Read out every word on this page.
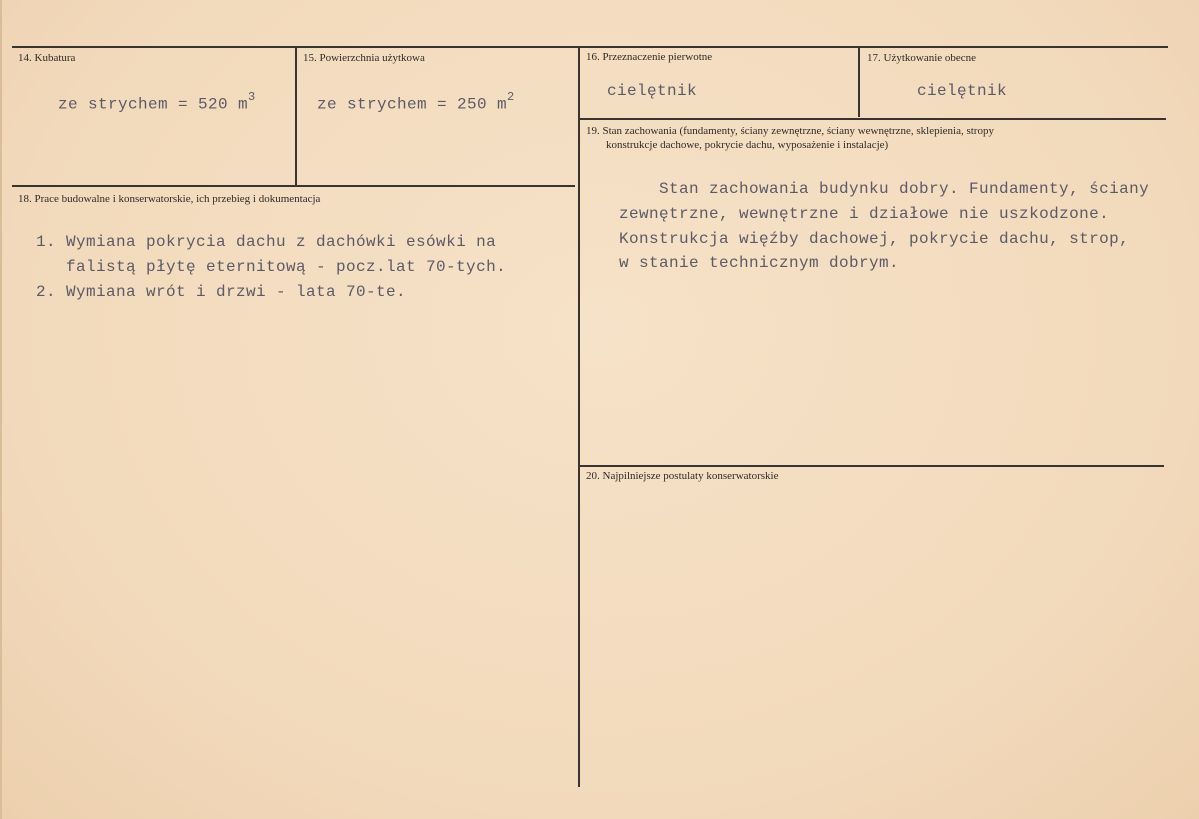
14. Kubatura
ze strychem = 520 $m^3$
15. Powierzchnia użytkowa
ze strychem = 250 $m^2$
16. Przeznaczenie pierwotne
cielętnik
17. Użytkowanie obecne
cielętnik
19. Stan zachowania (fundamenty, ściany zewnętrzne, ściany wewnętrzne, sklepienia, stropy
konstrukcje dachowe, pokrycie dachu, wyposażenie i instalacje)
Stan zachowania budynku dobry. Fundamenty, ściany
zewnętrzne, wewnętrzne i działowe nie uszkodzone.
Konstrukcja więźby dachowej, pokrycie dachu, strop,
w stanie technicznym dobrym.
18. Prace budowalne i konserwatorskie, ich przebieg i dokumentacja
1. Wymiana pokrycia dachu z dachówki esówki na
falistą płytę eternitową - pocz.lat 70-tych.
2. Wymiana wrót i drzwi - lata 70-te.
20. Najpilniejsze postulaty konserwatorskie
